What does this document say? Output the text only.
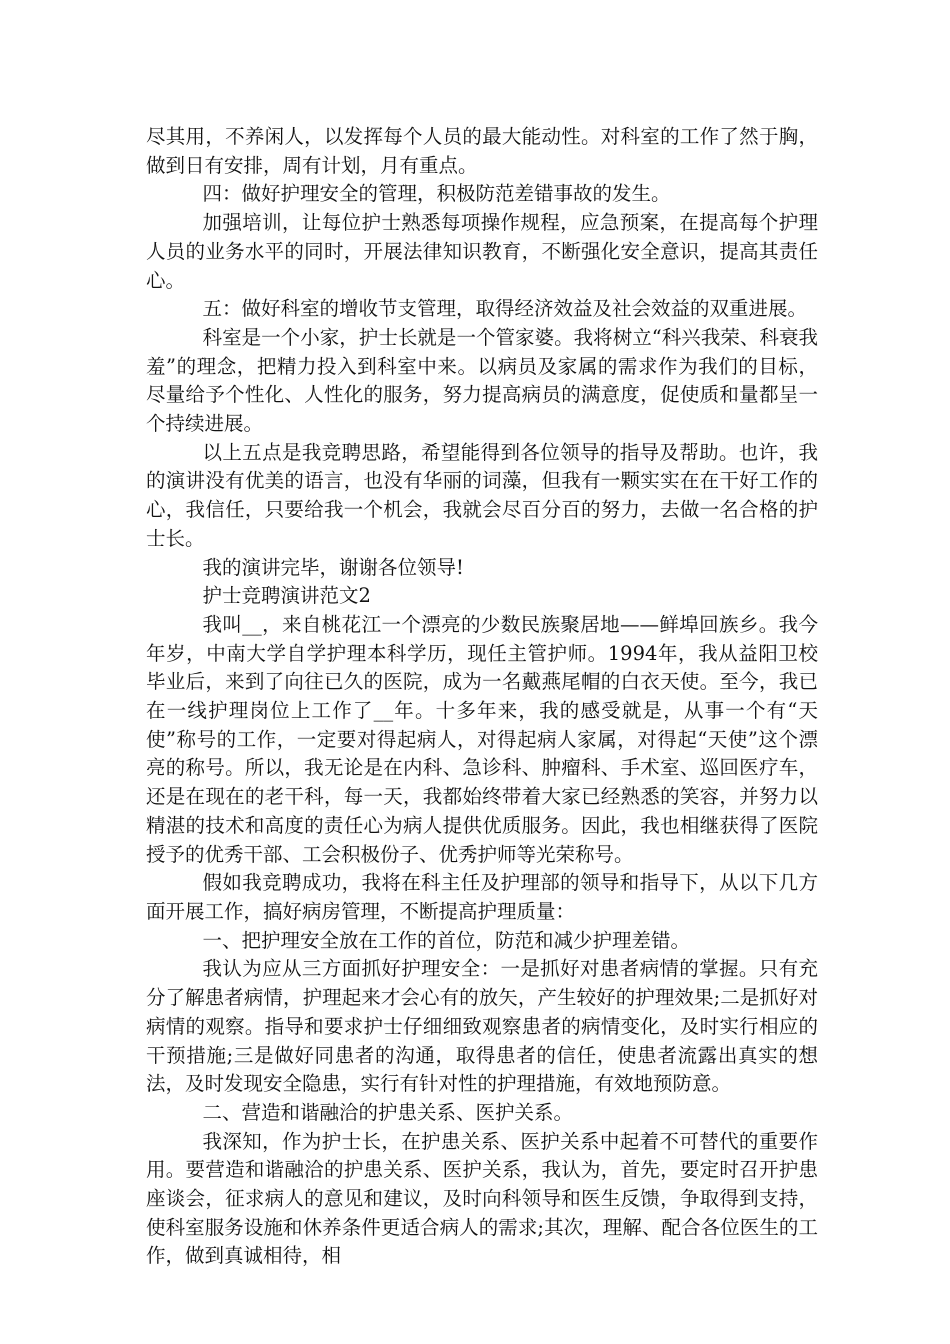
尽其用，不养闲人，以发挥每个人员的最大能动性。对科室的工作了然于胸，做到日有安排，周有计划，月有重点。

四：做好护理安全的管理，积极防范差错事故的发生。

加强培训，让每位护士熟悉每项操作规程，应急预案，在提高每个护理人员的业务水平的同时，开展法律知识教育，不断强化安全意识，提高其责任心。

五：做好科室的增收节支管理，取得经济效益及社会效益的双重进展。

科室是一个小家，护士长就是一个管家婆。我将树立“科兴我荣、科衰我羞”的理念，把精力投入到科室中来。以病员及家属的需求作为我们的目标，尽量给予个性化、人性化的服务，努力提高病员的满意度，促使质和量都呈一个持续进展。

以上五点是我竞聘思路，希望能得到各位领导的指导及帮助。也许，我的演讲没有优美的语言，也没有华丽的词藻，但我有一颗实实在在干好工作的心，我信任，只要给我一个机会，我就会尽百分百的努力，去做一名合格的护士长。

我的演讲完毕，谢谢各位领导!

护士竞聘演讲范文2

我叫__，来自桃花江一个漂亮的少数民族聚居地——鲜埠回族乡。我今年岁，中南大学自学护理本科学历，现任主管护师。1994年，我从益阳卫校毕业后，来到了向往已久的医院，成为一名戴燕尾帽的白衣天使。至今，我已在一线护理岗位上工作了__年。十多年来，我的感受就是，从事一个有“天使”称号的工作，一定要对得起病人，对得起病人家属，对得起“天使”这个漂亮的称号。所以，我无论是在内科、急诊科、肿瘤科、手术室、巡回医疗车，还是在现在的老干科，每一天，我都始终带着大家已经熟悉的笑容，并努力以精湛的技术和高度的责任心为病人提供优质服务。因此，我也相继获得了医院授予的优秀干部、工会积极份子、优秀护师等光荣称号。

假如我竞聘成功，我将在科主任及护理部的领导和指导下，从以下几方面开展工作，搞好病房管理，不断提高护理质量：

一、把护理安全放在工作的首位，防范和减少护理差错。

我认为应从三方面抓好护理安全：一是抓好对患者病情的掌握。只有充分了解患者病情，护理起来才会心有的放矢，产生较好的护理效果;二是抓好对病情的观察。指导和要求护士仔细细致观察患者的病情变化，及时实行相应的干预措施;三是做好同患者的沟通，取得患者的信任，使患者流露出真实的想法，及时发现安全隐患，实行有针对性的护理措施，有效地预防意。

二、营造和谐融洽的护患关系、医护关系。

我深知，作为护士长，在护患关系、医护关系中起着不可替代的重要作用。要营造和谐融洽的护患关系、医护关系，我认为，首先，要定时召开护患座谈会，征求病人的意见和建议，及时向科领导和医生反馈，争取得到支持，使科室服务设施和休养条件更适合病人的需求;其次，理解、配合各位医生的工作，做到真诚相待，相
